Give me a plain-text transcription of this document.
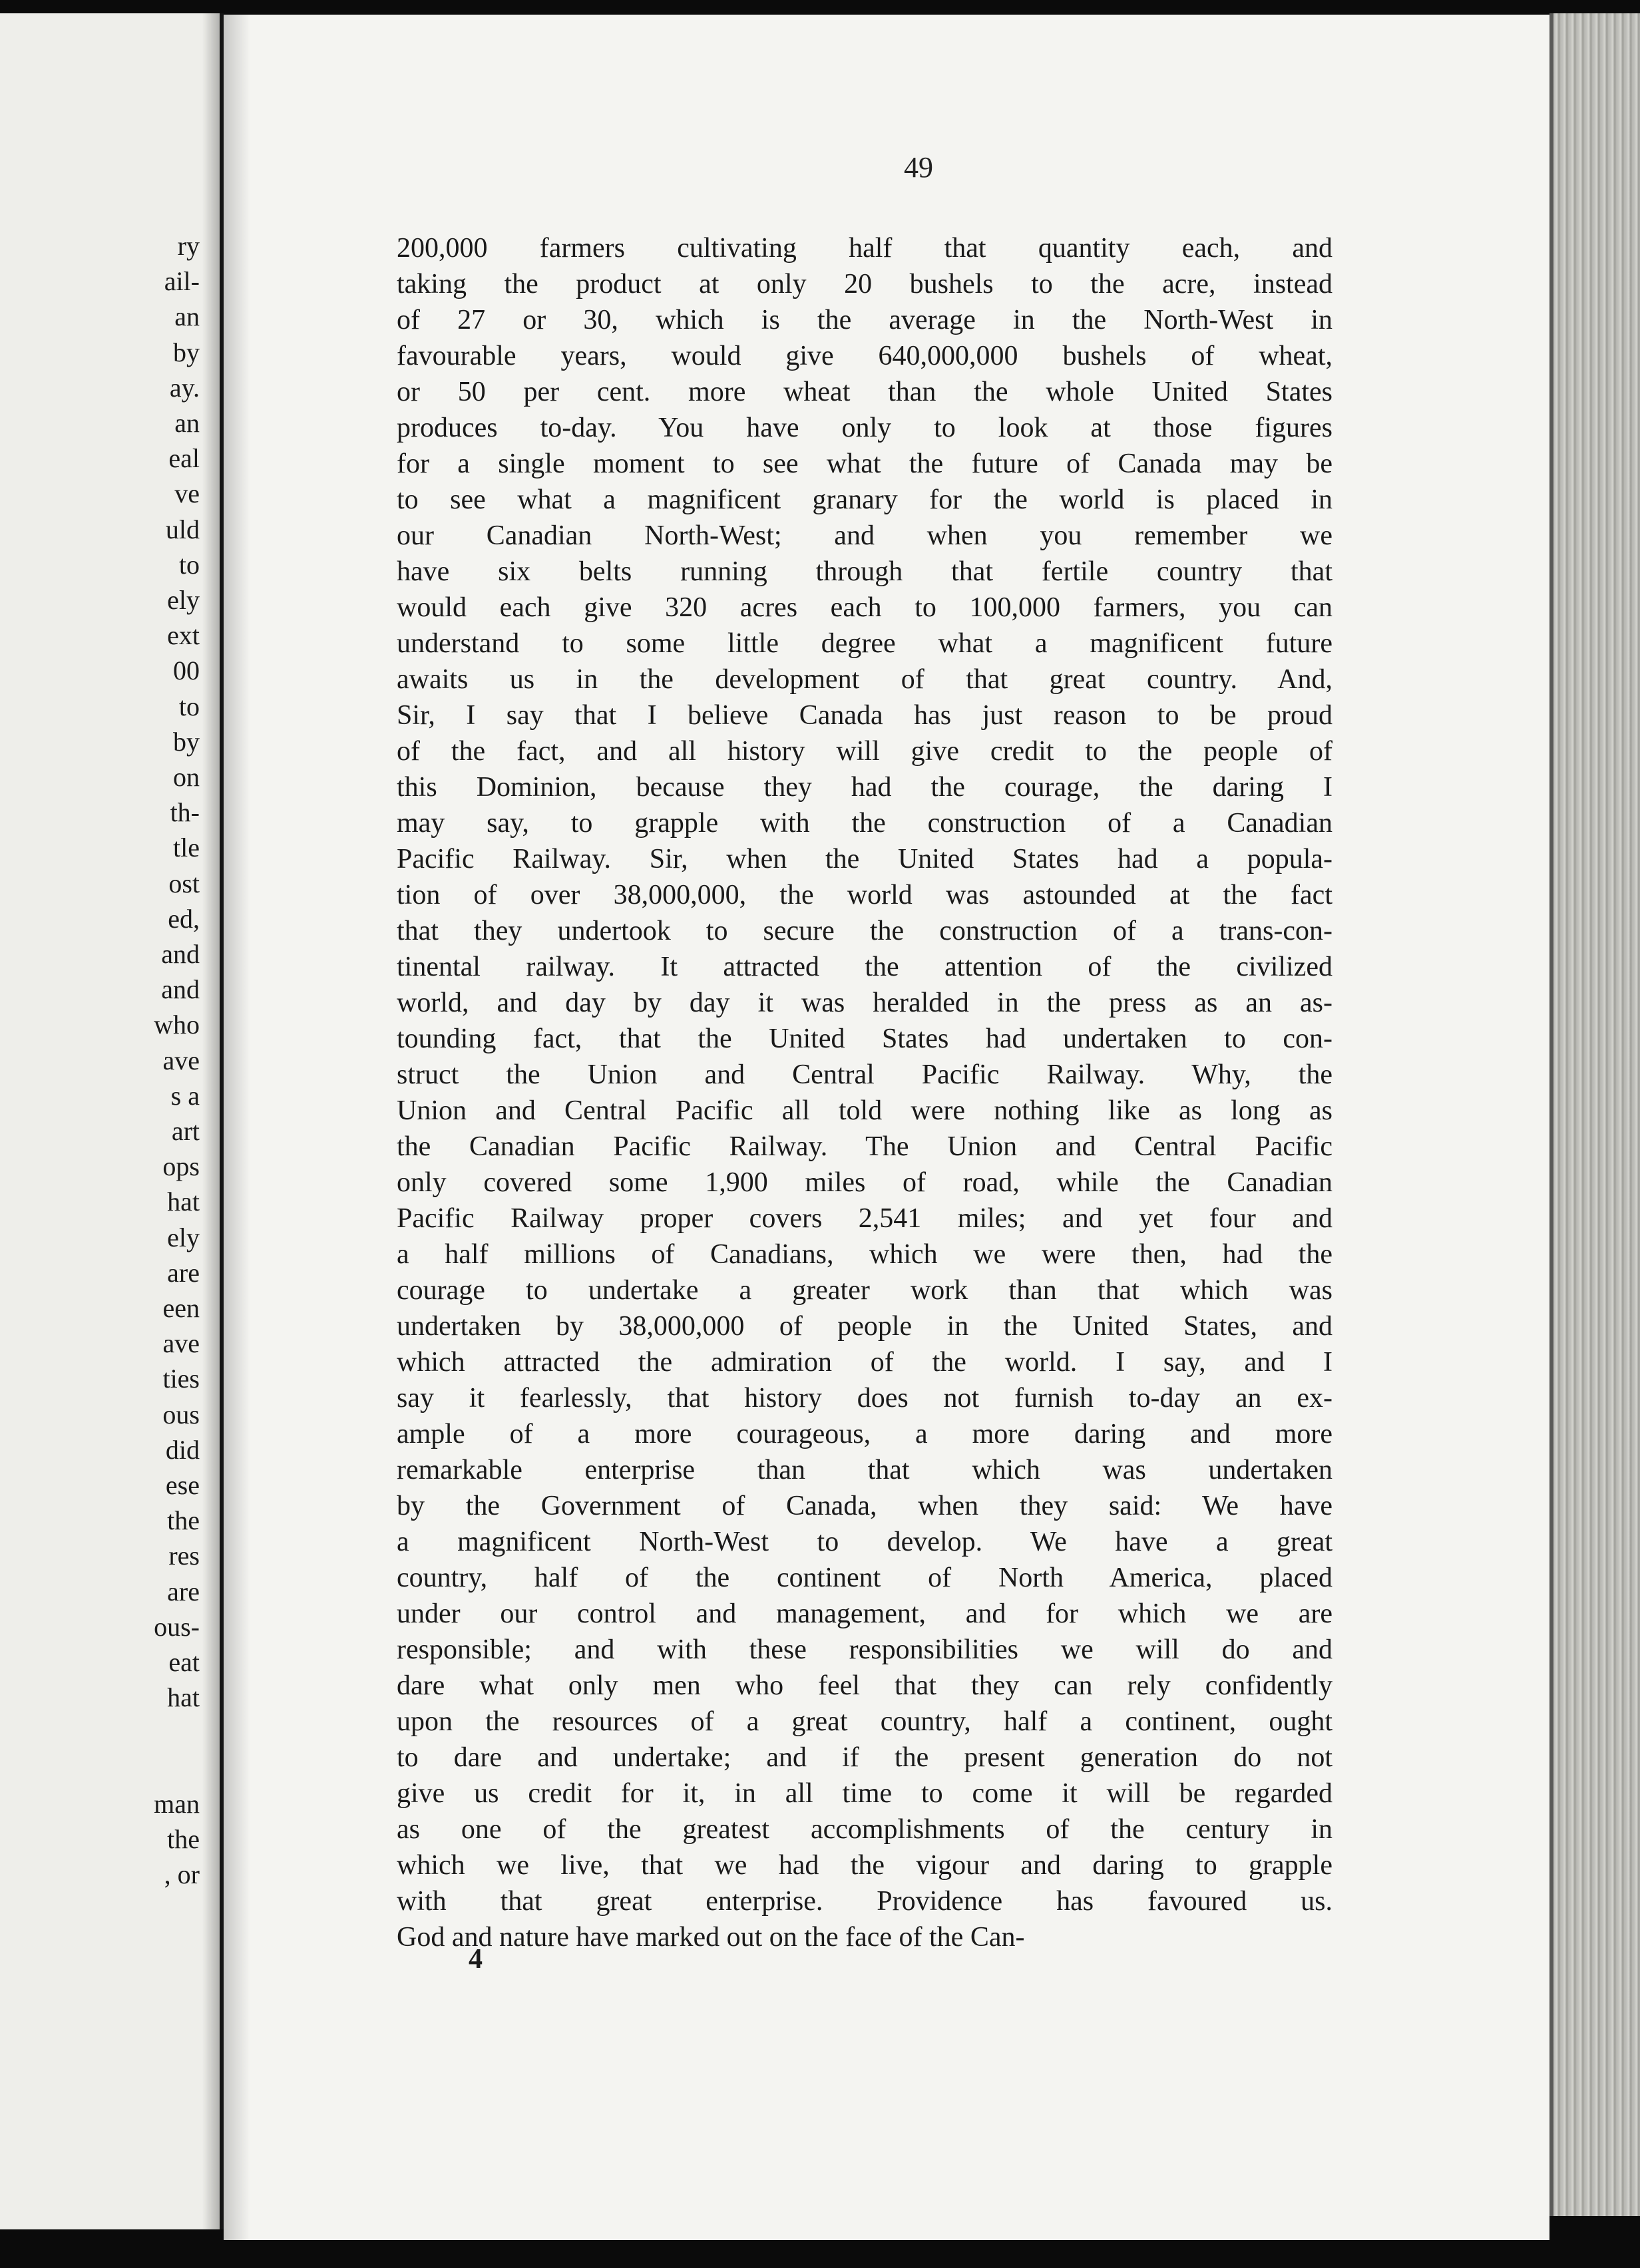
ry
ail-
an
by
ay.
an
eal
ve
uld
to
ely
ext
00
to
by
on
th-
tle
ost
ed,
and
and
who
ave
s a
art
ops
hat
ely
are
een
ave
ties
ous
did
ese
the
res
are
ous-
eat
hat
man
the
, or
49
200,000 farmers cultivating half that quantity each, and
taking the product at only 20 bushels to the acre, instead
of 27 or 30, which is the average in the North-West in
favourable years, would give 640,000,000 bushels of wheat,
or 50 per cent. more wheat than the whole United States
produces to-day. You have only to look at those figures
for a single moment to see what the future of Canada may be
to see what a magnificent granary for the world is placed in
our Canadian North-West; and when you remember we
have six belts running through that fertile country that
would each give 320 acres each to 100,000 farmers, you can
understand to some little degree what a magnificent future
awaits us in the development of that great country. And,
Sir, I say that I believe Canada has just reason to be proud
of the fact, and all history will give credit to the people of
this Dominion, because they had the courage, the daring I
may say, to grapple with the construction of a Canadian
Pacific Railway. Sir, when the United States had a popula-
tion of over 38,000,000, the world was astounded at the fact
that they undertook to secure the construction of a trans-con-
tinental railway. It attracted the attention of the civilized
world, and day by day it was heralded in the press as an as-
tounding fact, that the United States had undertaken to con-
struct the Union and Central Pacific Railway. Why, the
Union and Central Pacific all told were nothing like as long as
the Canadian Pacific Railway. The Union and Central Pacific
only covered some 1,900 miles of road, while the Canadian
Pacific Railway proper covers 2,541 miles; and yet four and
a half millions of Canadians, which we were then, had the
courage to undertake a greater work than that which was
undertaken by 38,000,000 of people in the United States, and
which attracted the admiration of the world. I say, and I
say it fearlessly, that history does not furnish to-day an ex-
ample of a more courageous, a more daring and more
remarkable enterprise than that which was undertaken
by the Government of Canada, when they said: We have
a magnificent North-West to develop. We have a great
country, half of the continent of North America, placed
under our control and management, and for which we are
responsible; and with these responsibilities we will do and
dare what only men who feel that they can rely confidently
upon the resources of a great country, half a continent, ought
to dare and undertake; and if the present generation do not
give us credit for it, in all time to come it will be regarded
as one of the greatest accomplishments of the century in
which we live, that we had the vigour and daring to grapple
with that great enterprise. Providence has favoured us.
God and nature have marked out on the face of the Can-
4
